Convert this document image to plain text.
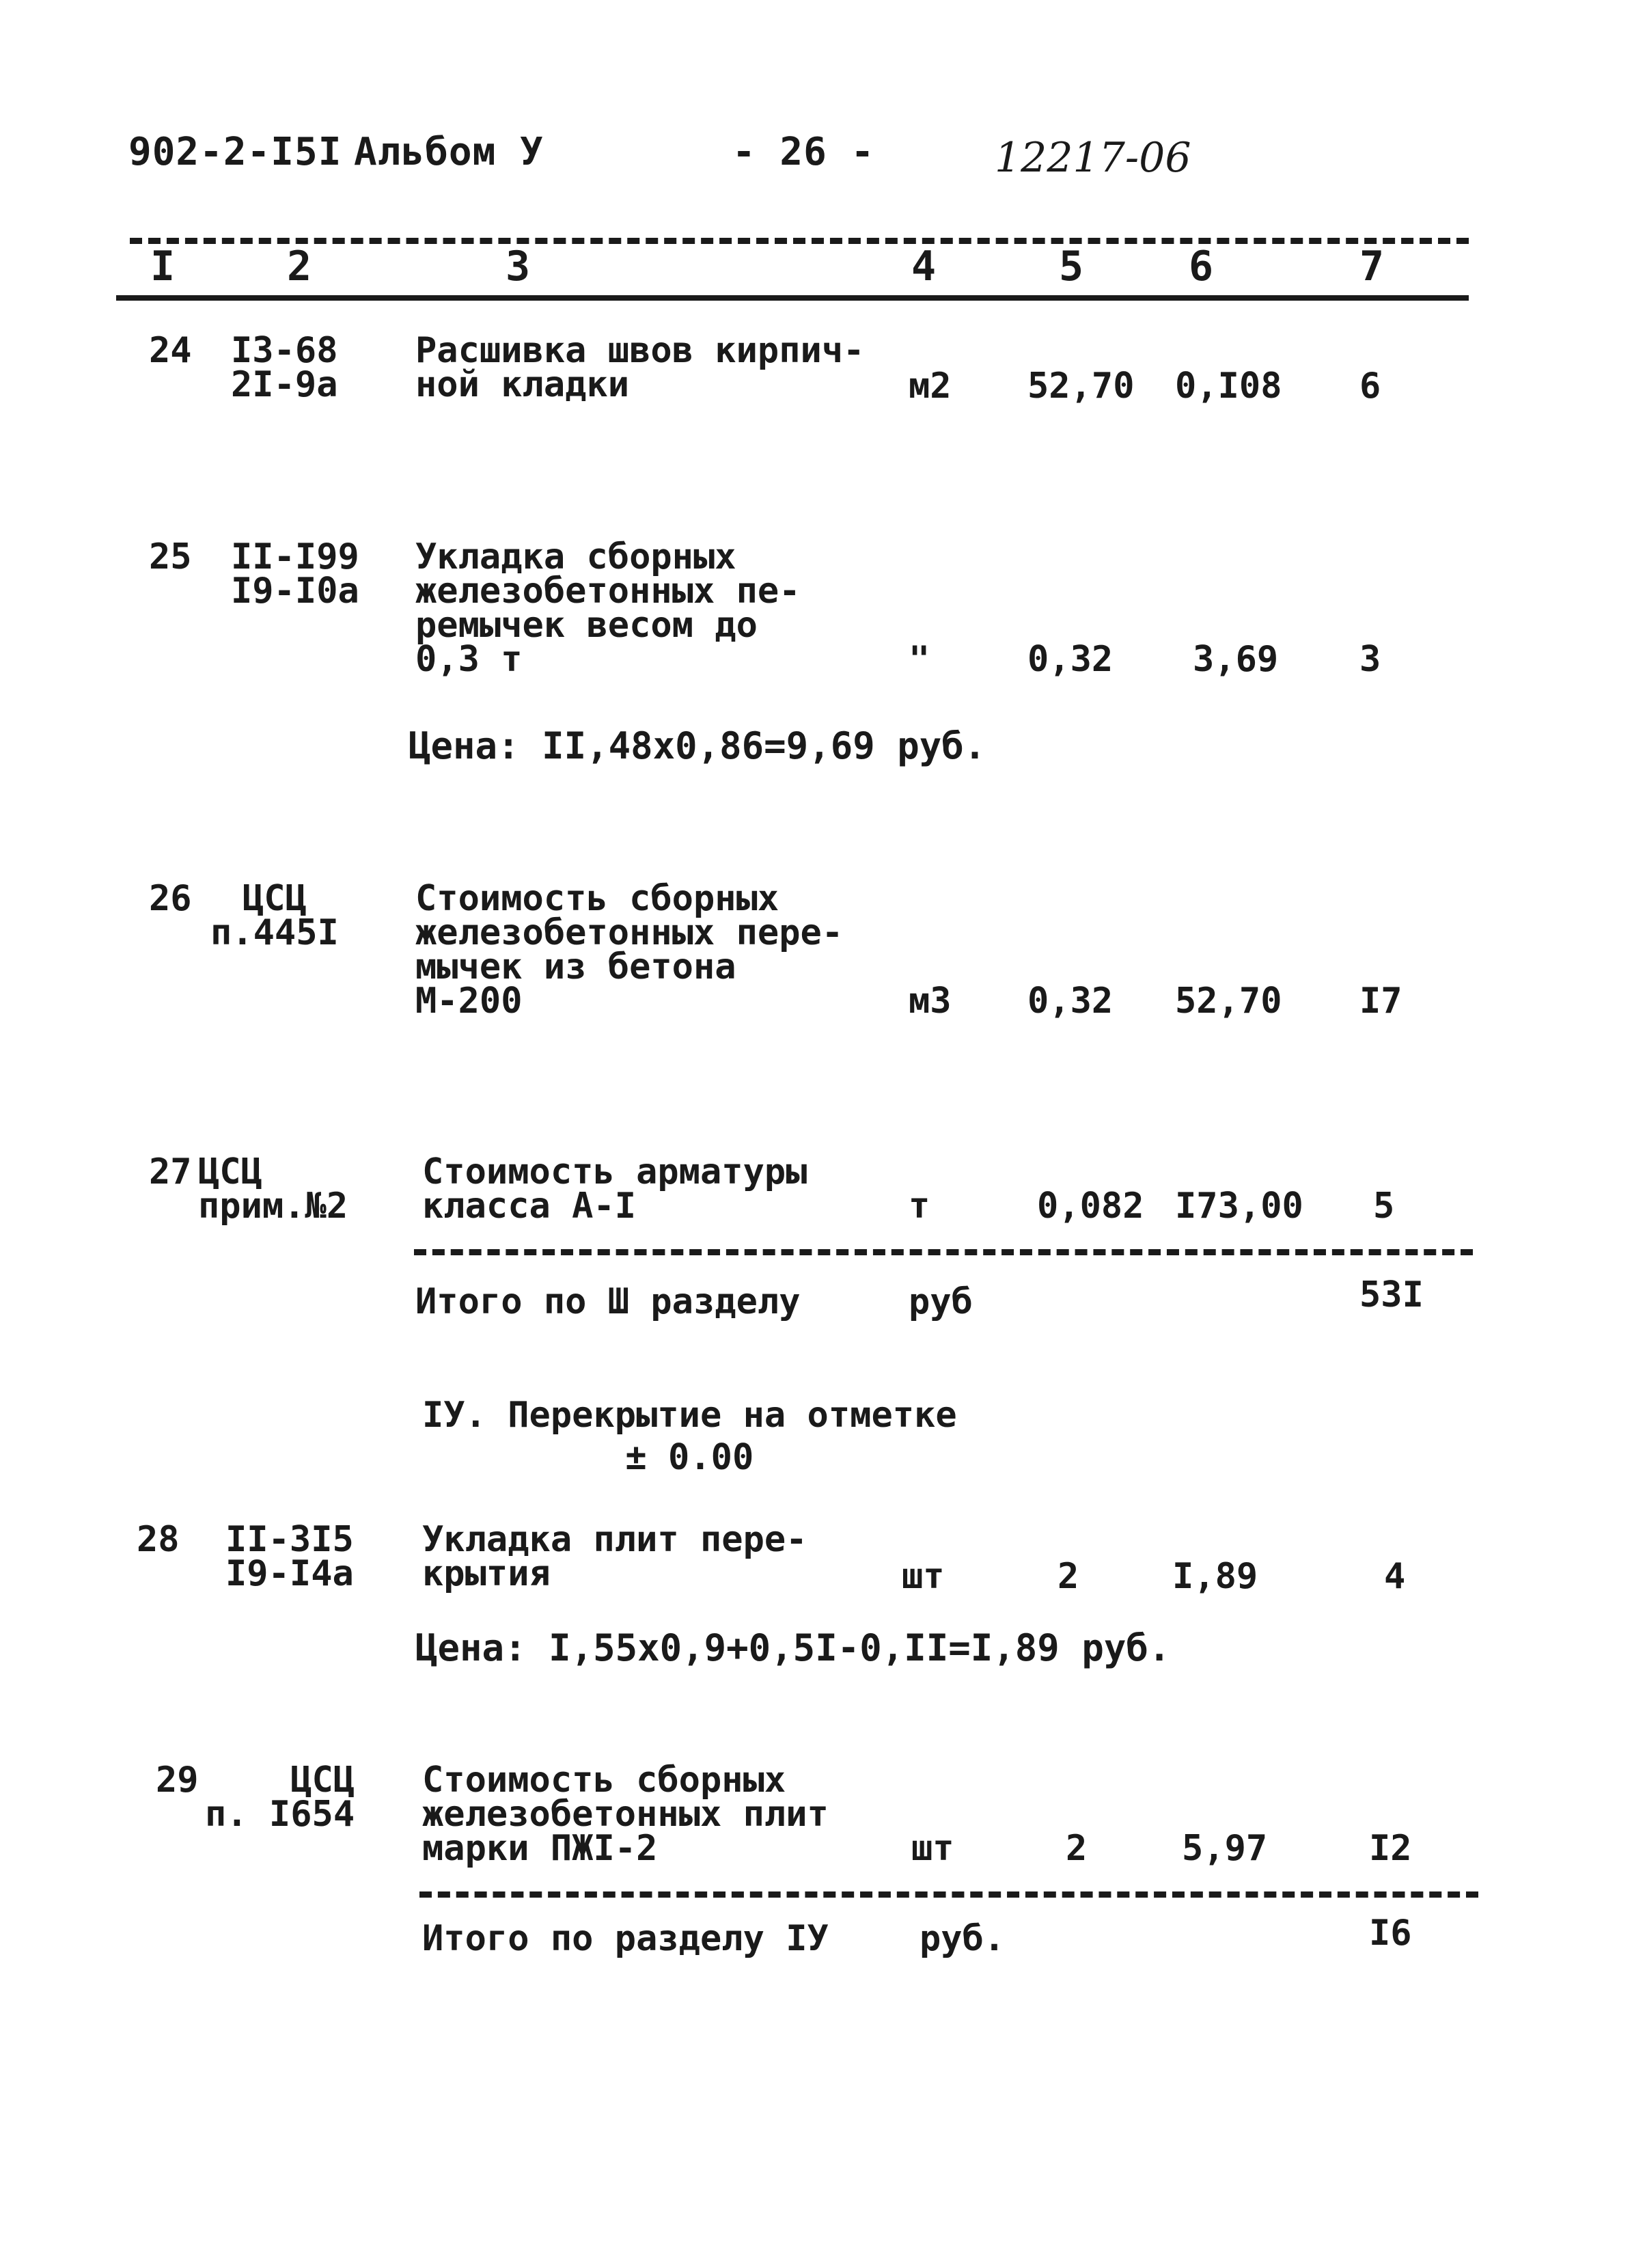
902-2-I5I Альбом У	- 26 -	12217-06
I	2	3	4	5	6	7
24 I3-68
2I-9a
Расшивка швов кирпич-
ной кладки	м2 52,70 0,I08 6
25 II-I99
I9-I0a
Укладка сборных
железобетонных пе-
ремычек весом до
0,3 т	"	0,32 3,69 3
Цена: II,48х0,86=9,69 руб.
26	ЦСЦ
п.445I
Стоимость сборных
железобетонных пере-
мычек из бетона
М-200	м3 0,32 52,70 I7
27 ЦСЦ
прим.№2
Стоимость арматуры
класса А-I	т	0,082 I73,00 5
Итого по Ш разделу	руб	53I
IУ. Перекрытие на отметке
± 0.00
28 II-3I5
I9-I4а
Укладка плит пере-
крытия	шт	2	I,89	4
Цена: I,55х0,9+0,5I-0,II=I,89 руб.
29	ЦСЦ
п. I654
Стоимость сборных
железобетонных плит
марки ПЖI-2	шт	2	5,97	I2
Итого по разделу IУ	руб.	I6
